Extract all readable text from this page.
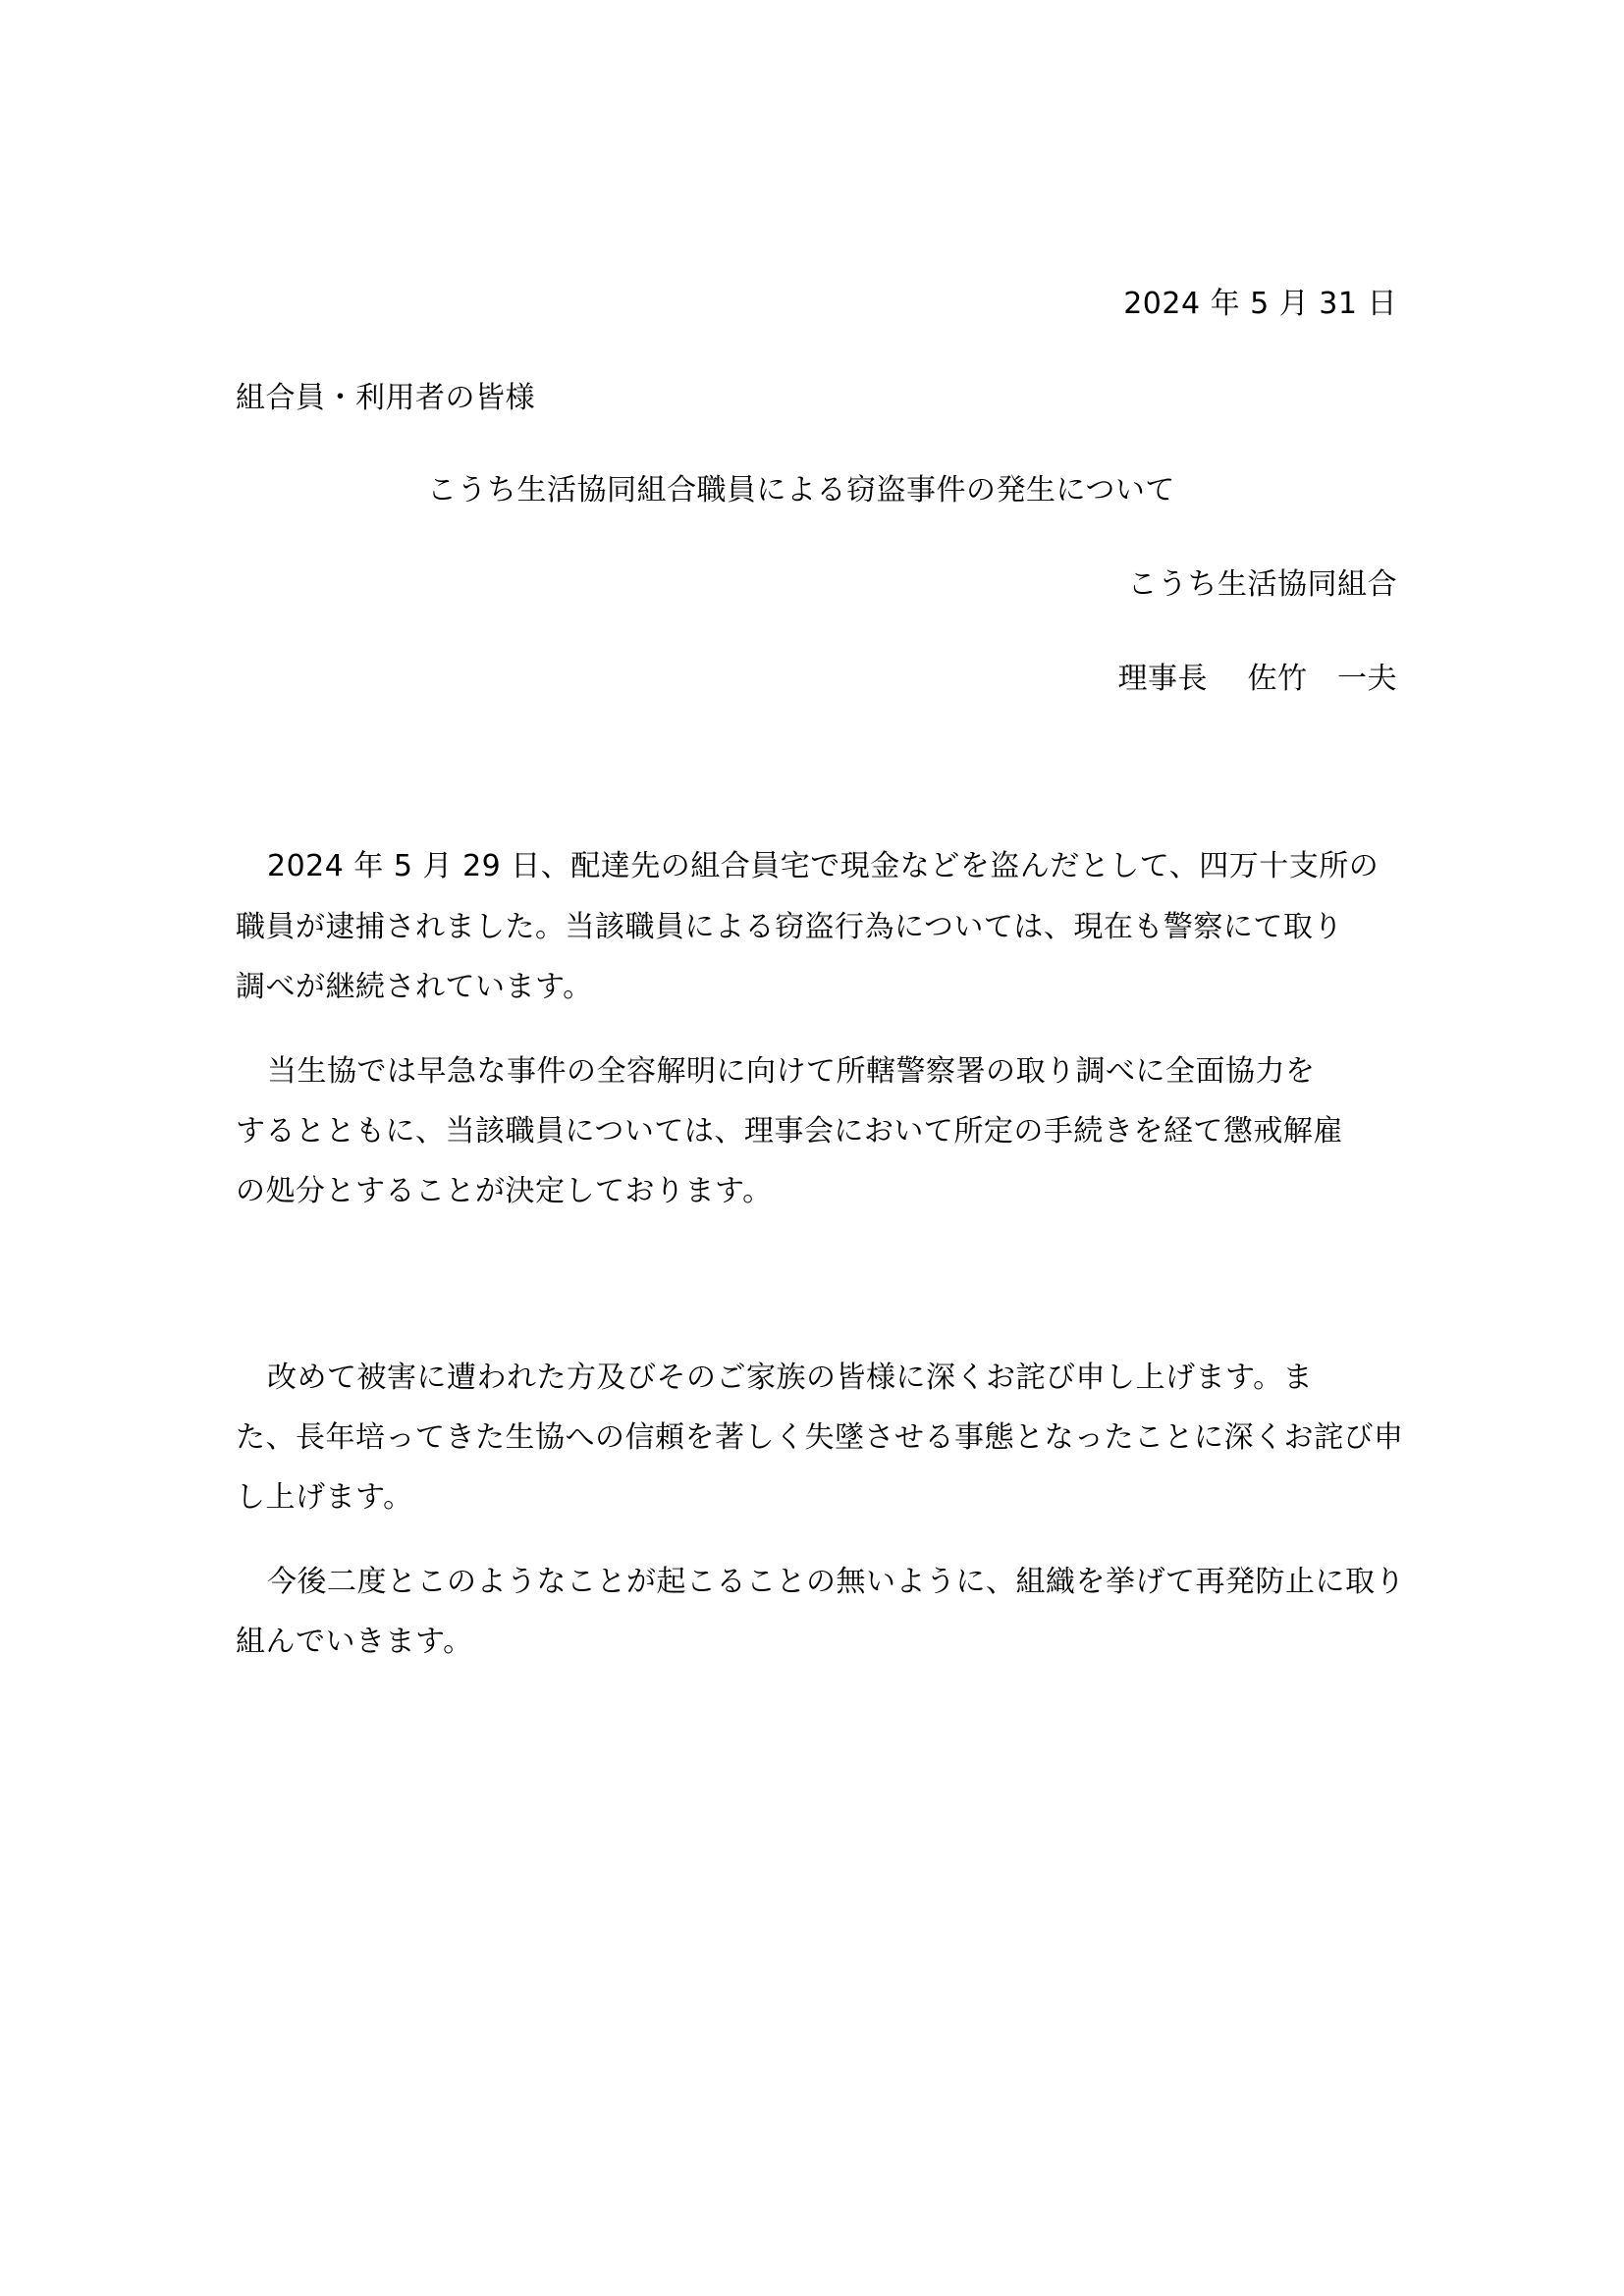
2024 年 5 月 31 日
組合員・利用者の皆様
こうち生活協同組合職員による窃盗事件の発生について
こうち生活協同組合
理事長　 佐竹　一夫
2024 年 5 月 29 日、配達先の組合員宅で現金などを盗んだとして、四万十支所の
職員が逮捕されました。当該職員による窃盗行為については、現在も警察にて取り
調べが継続されています。
当生協では早急な事件の全容解明に向けて所轄警察署の取り調べに全面協力を
するとともに、当該職員については、理事会において所定の手続きを経て懲戒解雇
の処分とすることが決定しております。
改めて被害に遭われた方及びそのご家族の皆様に深くお詫び申し上げます。ま
た、長年培ってきた生協への信頼を著しく失墜させる事態となったことに深くお詫び申
し上げます。
今後二度とこのようなことが起こることの無いように、組織を挙げて再発防止に取り
組んでいきます。
